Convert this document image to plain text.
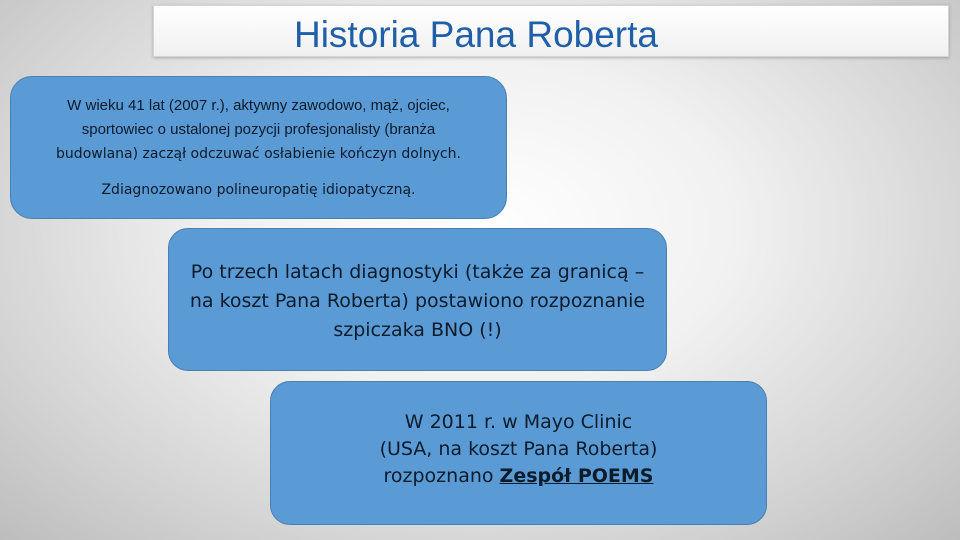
Historia Pana Roberta
W wieku 41 lat (2007 r.), aktywny zawodowo, mąż, ojciec,
sportowiec o ustalonej pozycji profesjonalisty (branża
budowlana) zaczął odczuwać osłabienie kończyn dolnych.
Zdiagnozowano polineuropatię idiopatyczną.
Po trzech latach diagnostyki (także za granicą –
na koszt Pana Roberta) postawiono rozpoznanie
szpiczaka BNO (!)
W 2011 r. w Mayo Clinic
(USA, na koszt Pana Roberta)
rozpoznano Zespół POEMS
